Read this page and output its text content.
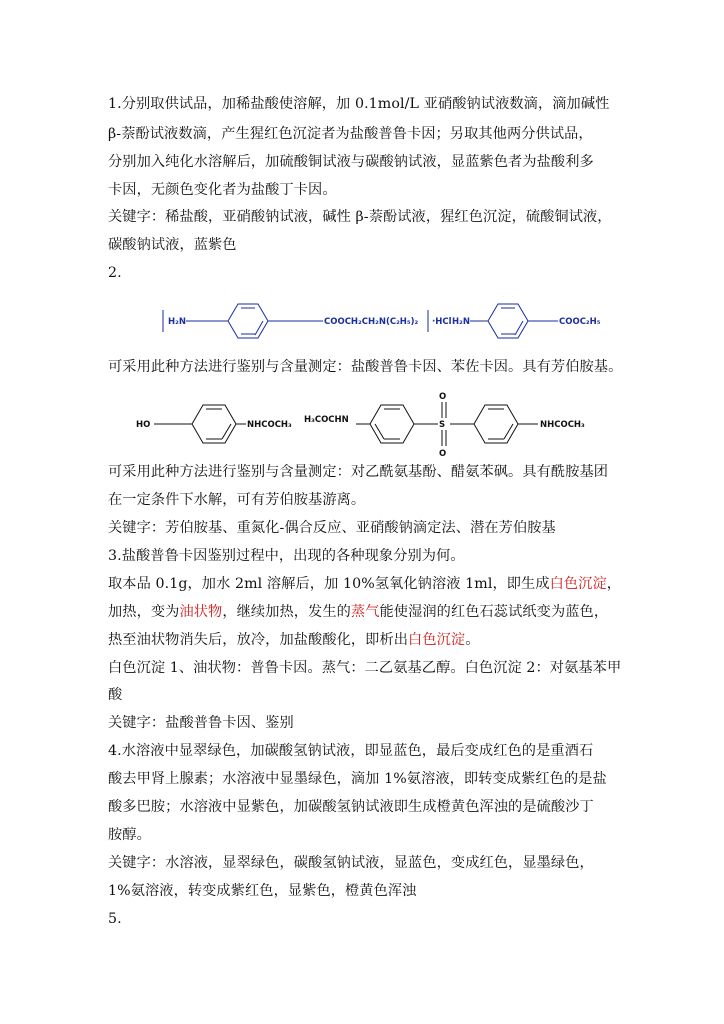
1.分别取供试品，加稀盐酸使溶解，加 0.1mol/L 亚硝酸钠试液数滴，滴加碱性
β-萘酚试液数滴，产生猩红色沉淀者为盐酸普鲁卡因；另取其他两分供试品，
分别加入纯化水溶解后，加硫酸铜试液与碳酸钠试液，显蓝紫色者为盐酸利多
卡因，无颜色变化者为盐酸丁卡因。
关键字：稀盐酸，亚硝酸钠试液，碱性 β-萘酚试液，猩红色沉淀，硫酸铜试液，
碳酸钠试液，蓝紫色
2.
H₂N	COOCH₂CH₂N(C₂H₅)₂ ·HCl H₂N	COOC₂H₅
可采用此种方法进行鉴别与含量测定：盐酸普鲁卡因、苯佐卡因。具有芳伯胺基。
HO	NHCOCH₃ H₃COCHN	S
O
O
NHCOCH₃
可采用此种方法进行鉴别与含量测定：对乙酰氨基酚、醋氨苯砜。具有酰胺基团
在一定条件下水解，可有芳伯胺基游离。
关键字：芳伯胺基、重氮化-偶合反应、亚硝酸钠滴定法、潜在芳伯胺基
3.盐酸普鲁卡因鉴别过程中，出现的各种现象分别为何。
取本品 0.1g，加水 2ml 溶解后，加 10%氢氧化钠溶液 1ml，即生成白色沉淀，
加热，变为油状物，继续加热，发生的蒸气能使湿润的红色石蕊试纸变为蓝色，
热至油状物消失后，放冷，加盐酸酸化，即析出白色沉淀。
白色沉淀 1、油状物：普鲁卡因。蒸气：二乙氨基乙醇。白色沉淀 2：对氨基苯甲
酸
关键字：盐酸普鲁卡因、鉴别
4.水溶液中显翠绿色，加碳酸氢钠试液，即显蓝色，最后变成红色的是重酒石
酸去甲肾上腺素；水溶液中显墨绿色，滴加 1%氨溶液，即转变成紫红色的是盐
酸多巴胺；水溶液中显紫色，加碳酸氢钠试液即生成橙黄色浑浊的是硫酸沙丁
胺醇。
关键字：水溶液，显翠绿色，碳酸氢钠试液，显蓝色，变成红色，显墨绿色，
1%氨溶液，转变成紫红色，显紫色，橙黄色浑浊
5.
